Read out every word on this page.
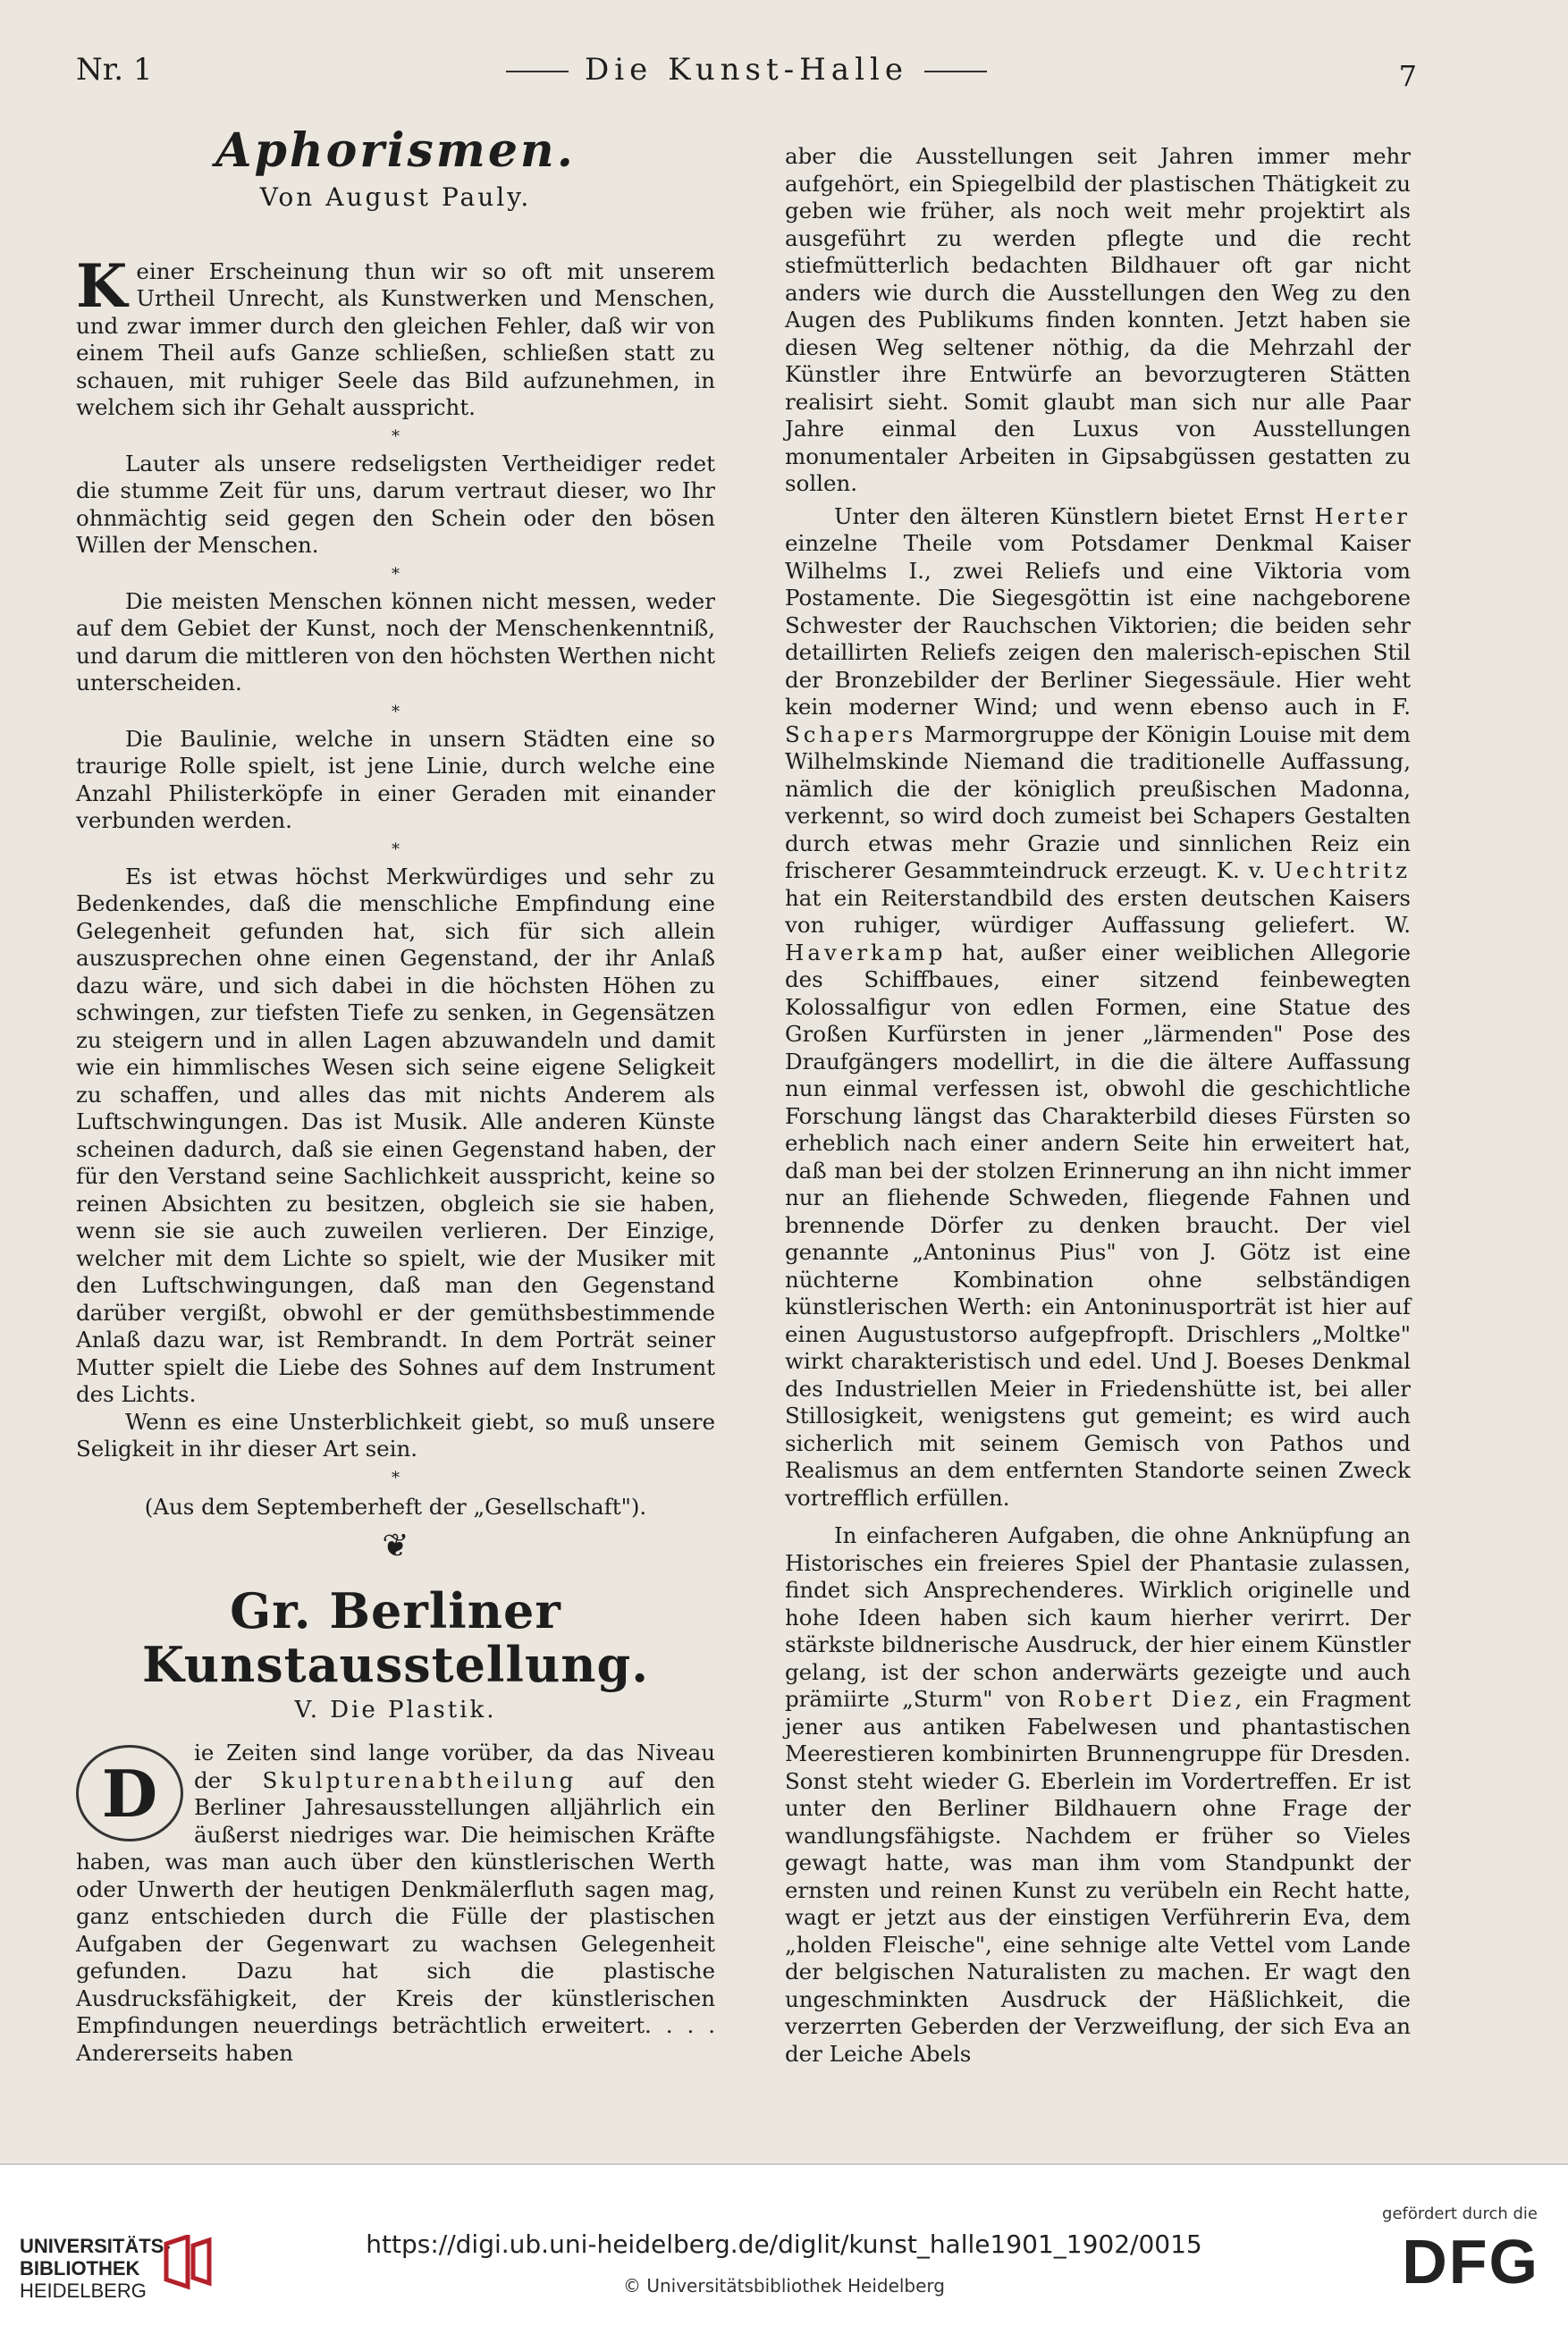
Nr. 1	Die Kunst-Halle	7
Aphorismen.
Von August Pauly.

Keiner Erscheinung thun wir so oft mit unserem Urtheil Unrecht, als Kunstwerken und Menschen, und zwar immer durch den gleichen Fehler, daß wir von einem Theil aufs Ganze schließen, schließen statt zu schauen, mit ruhiger Seele das Bild aufzunehmen, in welchem sich ihr Gehalt ausspricht.

*

Lauter als unsere redseligsten Vertheidiger redet die stumme Zeit für uns, darum vertraut dieser, wo Ihr ohnmächtig seid gegen den Schein oder den bösen Willen der Menschen.

*

Die meisten Menschen können nicht messen, weder auf dem Gebiet der Kunst, noch der Menschenkenntniß, und darum die mittleren von den höchsten Werthen nicht unterscheiden.

*

Die Baulinie, welche in unsern Städten eine so traurige Rolle spielt, ist jene Linie, durch welche eine Anzahl Philisterköpfe in einer Geraden mit einander verbunden werden.

*

Es ist etwas höchst Merkwürdiges und sehr zu Bedenkendes, daß die menschliche Empfindung eine Gelegenheit gefunden hat, sich für sich allein auszusprechen ohne einen Gegenstand, der ihr Anlaß dazu wäre, und sich dabei in die höchsten Höhen zu schwingen, zur tiefsten Tiefe zu senken, in Gegensätzen zu steigern und in allen Lagen abzuwandeln und damit wie ein himmlisches Wesen sich seine eigene Seligkeit zu schaffen, und alles das mit nichts Anderem als Luftschwingungen. Das ist Musik. Alle anderen Künste scheinen dadurch, daß sie einen Gegenstand haben, der für den Verstand seine Sachlichkeit ausspricht, keine so reinen Absichten zu besitzen, obgleich sie sie haben, wenn sie sie auch zuweilen verlieren. Der Einzige, welcher mit dem Lichte so spielt, wie der Musiker mit den Luftschwingungen, daß man den Gegenstand darüber vergißt, obwohl er der gemüthsbestimmende Anlaß dazu war, ist Rembrandt. In dem Porträt seiner Mutter spielt die Liebe des Sohnes auf dem Instrument des Lichts.

Wenn es eine Unsterblichkeit giebt, so muß unsere Seligkeit in ihr dieser Art sein.

*
(Aus dem Septemberheft der „Gesellschaft").
❦
Gr. Berliner Kunstausstellung.
V. Die Plastik.

D
ie Zeiten sind lange vorüber, da das Niveau der Skulpturenabtheilung auf den Berliner Jahresausstellungen alljährlich ein äußerst niedriges war. Die heimischen Kräfte haben, was man auch über den künstlerischen Werth oder Unwerth der heutigen Denkmälerfluth sagen mag, ganz entschieden durch die Fülle der plastischen Aufgaben der Gegenwart zu wachsen Gelegenheit gefunden. Dazu hat sich die plastische Ausdrucksfähigkeit, der Kreis der künstlerischen Empfindungen neuerdings beträchtlich erweitert. . . . Andererseits haben

aber die Ausstellungen seit Jahren immer mehr aufgehört, ein Spiegelbild der plastischen Thätigkeit zu geben wie früher, als noch weit mehr projektirt als ausgeführt zu werden pflegte und die recht stiefmütterlich bedachten Bildhauer oft gar nicht anders wie durch die Ausstellungen den Weg zu den Augen des Publikums finden konnten. Jetzt haben sie diesen Weg seltener nöthig, da die Mehrzahl der Künstler ihre Entwürfe an bevorzugteren Stätten realisirt sieht. Somit glaubt man sich nur alle Paar Jahre einmal den Luxus von Ausstellungen monumentaler Arbeiten in Gipsabgüssen gestatten zu sollen.

Unter den älteren Künstlern bietet Ernst Herter einzelne Theile vom Potsdamer Denkmal Kaiser Wilhelms I., zwei Reliefs und eine Viktoria vom Postamente. Die Siegesgöttin ist eine nachgeborene Schwester der Rauchschen Viktorien; die beiden sehr detaillirten Reliefs zeigen den malerisch-epischen Stil der Bronzebilder der Berliner Siegessäule. Hier weht kein moderner Wind; und wenn ebenso auch in F. Schapers Marmorgruppe der Königin Louise mit dem Wilhelmskinde Niemand die traditionelle Auffassung, nämlich die der königlich preußischen Madonna, verkennt, so wird doch zumeist bei Schapers Gestalten durch etwas mehr Grazie und sinnlichen Reiz ein frischerer Gesammteindruck erzeugt. K. v. Uechtritz hat ein Reiterstandbild des ersten deutschen Kaisers von ruhiger, würdiger Auffassung geliefert. W. Haverkamp hat, außer einer weiblichen Allegorie des Schiffbaues, einer sitzend feinbewegten Kolossalfigur von edlen Formen, eine Statue des Großen Kurfürsten in jener „lärmenden" Pose des Draufgängers modellirt, in die die ältere Auffassung nun einmal verfessen ist, obwohl die geschichtliche Forschung längst das Charakterbild dieses Fürsten so erheblich nach einer andern Seite hin erweitert hat, daß man bei der stolzen Erinnerung an ihn nicht immer nur an fliehende Schweden, fliegende Fahnen und brennende Dörfer zu denken braucht. Der viel genannte „Antoninus Pius" von J. Götz ist eine nüchterne Kombination ohne selbständigen künstlerischen Werth: ein Antoninusporträt ist hier auf einen Augustustorso aufgepfropft. Drischlers „Moltke" wirkt charakteristisch und edel. Und J. Boeses Denkmal des Industriellen Meier in Friedenshütte ist, bei aller Stillosigkeit, wenigstens gut gemeint; es wird auch sicherlich mit seinem Gemisch von Pathos und Realismus an dem entfernten Standorte seinen Zweck vortrefflich erfüllen.

In einfacheren Aufgaben, die ohne Anknüpfung an Historisches ein freieres Spiel der Phantasie zulassen, findet sich Ansprechenderes. Wirklich originelle und hohe Ideen haben sich kaum hierher verirrt. Der stärkste bildnerische Ausdruck, der hier einem Künstler gelang, ist der schon anderwärts gezeigte und auch prämiirte „Sturm" von Robert Diez, ein Fragment jener aus antiken Fabelwesen und phantastischen Meerestieren kombinirten Brunnengruppe für Dresden. Sonst steht wieder G. Eberlein im Vordertreffen. Er ist unter den Berliner Bildhauern ohne Frage der wandlungsfähigste. Nachdem er früher so Vieles gewagt hatte, was man ihm vom Standpunkt der ernsten und reinen Kunst zu verübeln ein Recht hatte, wagt er jetzt aus der einstigen Verführerin Eva, dem „holden Fleische", eine sehnige alte Vettel vom Lande der belgischen Naturalisten zu machen. Er wagt den ungeschminkten Ausdruck der Häßlichkeit, die verzerrten Geberden der Verzweiflung, der sich Eva an der Leiche Abels

UNIVERSITÄTS-
BIBLIOTHEK
HEIDELBERG
https://digi.ub.uni-heidelberg.de/diglit/kunst_halle1901_1902/0015
© Universitätsbibliothek Heidelberg
gefördert durch die
DFG
